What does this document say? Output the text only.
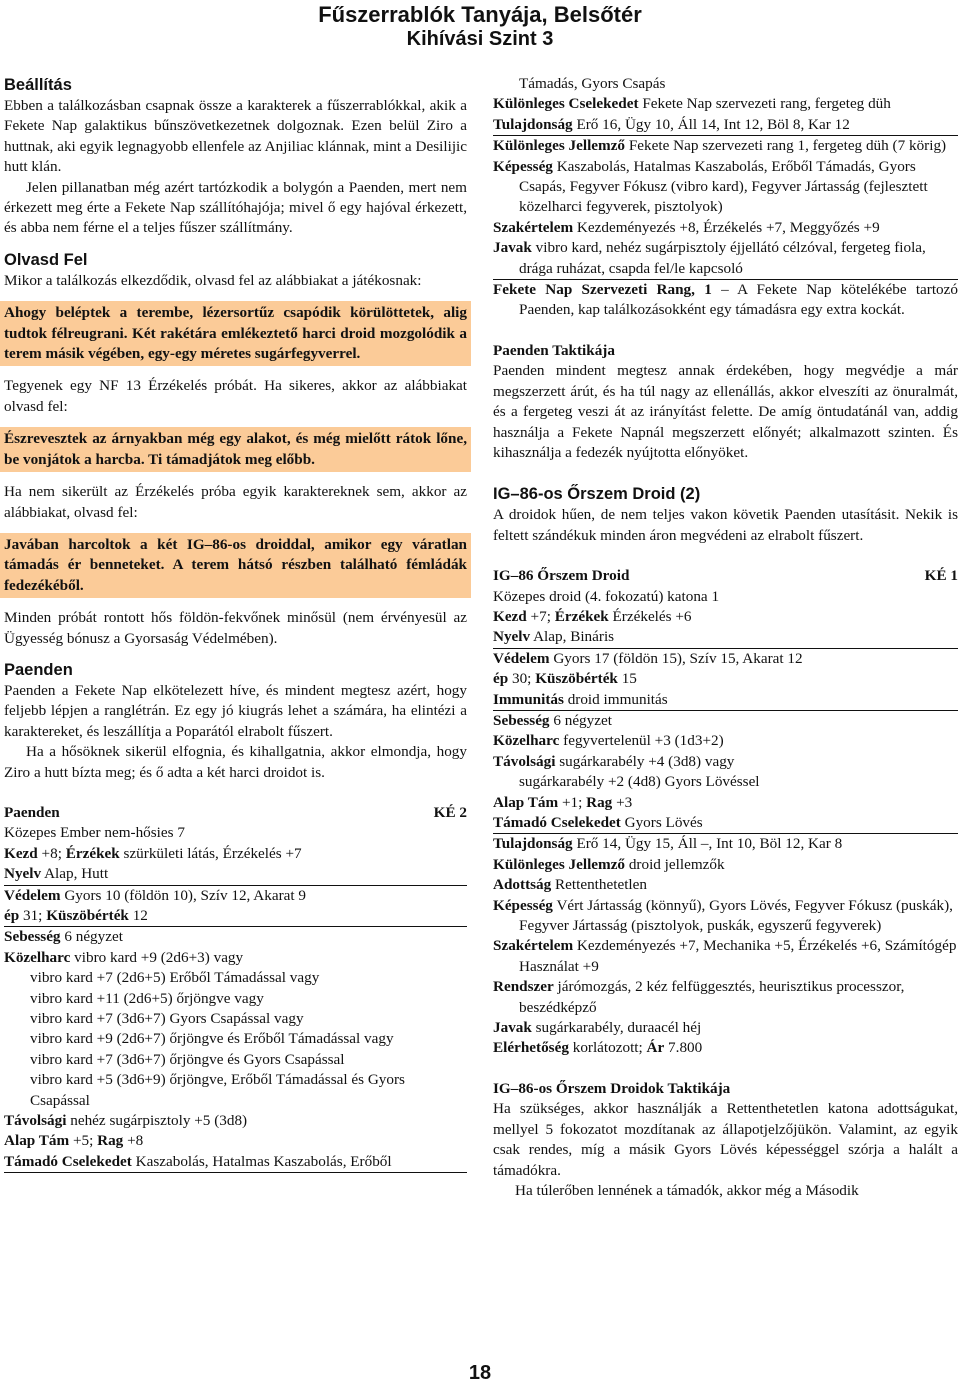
Fűszerrablók Tanyája, Belsőtér
Kihívási Szint 3
Beállítás

Ebben a találkozásban csapnak össze a karakterek a fűszerrablókkal, akik a Fekete Nap galaktikus bűnszövetkezetnek dolgoznak. Ezen belül Ziro a huttnak, aki egyik legnagyobb ellenfele az Anjiliac klánnak, mint a Desilijic hutt klán.

Jelen pillanatban még azért tartózkodik a bolygón a Paenden, mert nem érkezett meg érte a Fekete Nap szállítóhajója; mivel ő egy hajóval érkezett, és abba nem férne el a teljes fűszer szállítmány.

Olvasd Fel

Mikor a találkozás elkezdődik, olvasd fel az alábbiakat a játékosnak:

Ahogy beléptek a terembe, lézersortűz csapódik körülöttetek, alig tudtok félreugrani. Két rakétára emlékeztető harci droid mozgolódik a terem másik végében, egy-egy méretes sugárfegyverrel.

Tegyenek egy NF 13 Érzékelés próbát. Ha sikeres, akkor az alábbiakat olvasd fel:

Észrevesztek az árnyakban még egy alakot, és még mielőtt rátok lőne, be vonjátok a harcba. Ti támadjátok meg előbb.

Ha nem sikerült az Érzékelés próba egyik karaktereknek sem, akkor az alábbiakat, olvasd fel:

Javában harcoltok a két IG–86-os droiddal, amikor egy váratlan támadás ér benneteket. A terem hátsó részben található fémládák fedezékéből.

Minden próbát rontott hős földön-fekvőnek minősül (nem érvényesül az Ügyesség bónusz a Gyorsaság Védelmében).

Paenden

Paenden a Fekete Nap elkötelezett híve, és mindent megtesz azért, hogy feljebb lépjen a ranglétrán. Ez egy jó kiugrás lehet a számára, ha elintézi a karaktereket, és leszállítja a Poparától elrabolt fűszert.

Ha a hősöknek sikerül elfognia, és kihallgatnia, akkor elmondja, hogy Ziro a hutt bízta meg; és ő adta a két harci droidot is.

Paenden	KÉ 2
Közepes Ember nem-hősies 7
Kezd +8; Érzékek szürkületi látás, Érzékelés +7
Nyelv Alap, Hutt
Védelem Gyors 10 (földön 10), Szív 12, Akarat 9
ép 31; Küszöbérték 12
Sebesség 6 négyzet
Közelharc vibro kard +9 (2d6+3) vagy
vibro kard +7 (2d6+5) Erőből Támadással vagy
vibro kard +11 (2d6+5) őrjöngve vagy
vibro kard +7 (3d6+7) Gyors Csapással vagy
vibro kard +9 (2d6+7) őrjöngve és Erőből Támadással vagy
vibro kard +7 (3d6+7) őrjöngve és Gyors Csapással
vibro kard +5 (3d6+9) őrjöngve, Erőből Támadással és Gyors Csapással
Távolsági nehéz sugárpisztoly +5 (3d8)
Alap Tám +5; Rag +8
Támadó Cselekedet Kaszabolás, Hatalmas Kaszabolás, Erőből
Támadás, Gyors Csapás
Különleges Cselekedet Fekete Nap szervezeti rang, fergeteg düh
Tulajdonság Erő 16, Ügy 10, Áll 14, Int 12, Böl 8, Kar 12
Különleges Jellemző Fekete Nap szervezeti rang 1, fergeteg düh (7 körig)
Képesség Kaszabolás, Hatalmas Kaszabolás, Erőből Támadás, Gyors Csapás, Fegyver Fókusz (vibro kard), Fegyver Jártasság (fejlesztett közelharci fegyverek, pisztolyok)
Szakértelem Kezdeményezés +8, Érzékelés +7, Meggyőzés +9
Javak vibro kard, nehéz sugárpisztoly éjjellátó célzóval, fergeteg fiola, drága ruházat, csapda fel/le kapcsoló
Fekete Nap Szervezeti Rang, 1 – A Fekete Nap kötelékébe tartozó Paenden, kap találkozásokként egy támadásra egy extra kockát.
Paenden Taktikája

Paenden mindent megtesz annak érdekében, hogy megvédje a már megszerzett árút, és ha túl nagy az ellenállás, akkor elveszíti az önuralmát, és a fergeteg veszi át az irányítást felette. De amíg öntudatánál van, addig használja a Fekete Napnál megszerzett előnyét; alkalmazott szinten. És kihasználja a fedezék nyújtotta előnyöket.

IG–86-os Őrszem Droid (2)

A droidok hűen, de nem teljes vakon követik Paenden utasításit. Nekik is feltett szándékuk minden áron megvédeni az elrabolt fűszert.

IG–86 Őrszem Droid	KÉ 1
Közepes droid (4. fokozatú) katona 1
Kezd +7; Érzékek Érzékelés +6
Nyelv Alap, Bináris
Védelem Gyors 17 (földön 15), Szív 15, Akarat 12
ép 30; Küszöbérték 15
Immunitás droid immunitás
Sebesség 6 négyzet
Közelharc fegyvertelenül +3 (1d3+2)
Távolsági sugárkarabély +4 (3d8) vagy
sugárkarabély +2 (4d8) Gyors Lövéssel
Alap Tám +1; Rag +3
Támadó Cselekedet Gyors Lövés
Tulajdonság Erő 14, Ügy 15, Áll –, Int 10, Böl 12, Kar 8
Különleges Jellemző droid jellemzők
Adottság Rettenthetetlen
Képesség Vért Jártasság (könnyű), Gyors Lövés, Fegyver Fókusz (puskák), Fegyver Jártasság (pisztolyok, puskák, egyszerű fegyverek)
Szakértelem Kezdeményezés +7, Mechanika +5, Érzékelés +6, Számítógép Használat +9
Rendszer járómozgás, 2 kéz felfüggesztés, heurisztikus processzor, beszédképző
Javak sugárkarabély, duraacél héj
Elérhetőség korlátozott; Ár 7.800
IG–86-os Őrszem Droidok Taktikája

Ha szükséges, akkor használják a Rettenthetetlen katona adottságukat, mellyel 5 fokozatot mozdítanak az állapotjelzőjükön. Valamint, az egyik csak rendes, míg a másik Gyors Lövés képességgel szórja a halált a támadókra.

Ha túlerőben lennének a támadók, akkor még a Második

18
